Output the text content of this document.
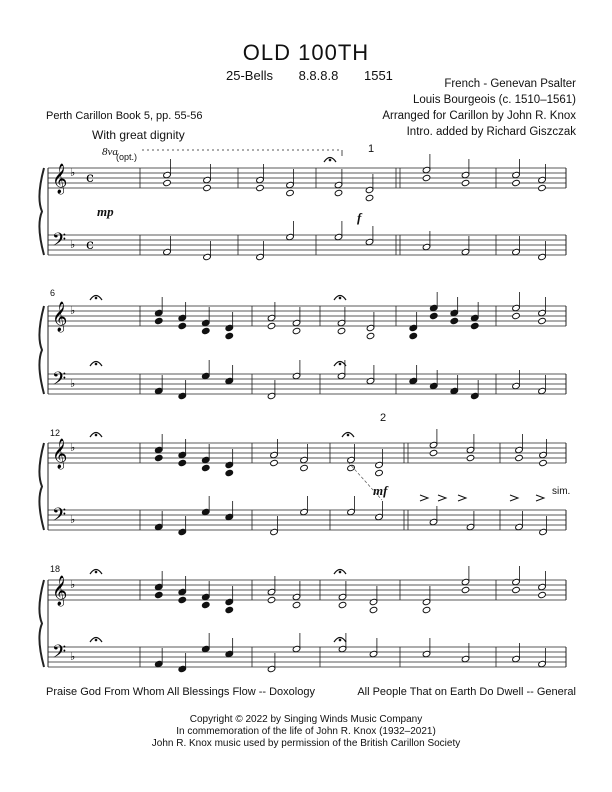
OLD 100TH
25-Bells 8.8.8.8 1551
French - Genevan Psalter
Louis Bourgeois (c. 1510–1561)
Arranged for Carillon by John R. Knox
Intro. added by Richard Giszczak
Perth Carillon Book 5, pp. 55-56
With great dignity
8va
(opt.)
1
2
6
12
18
mp	f
mf	sim.
𝄞
𝄢
♭
♭
c
c
𝄞
𝄢
♭
♭
𝄞
𝄢
♭
♭
𝄞
𝄢
♭
♭
Praise God From Whom All Blessings Flow -- Doxology	All People That on Earth Do Dwell -- General
Copyright © 2022 by Singing Winds Music Company
In commemoration of the life of John R. Knox (1932–2021)
John R. Knox music used by permission of the British Carillon Society
